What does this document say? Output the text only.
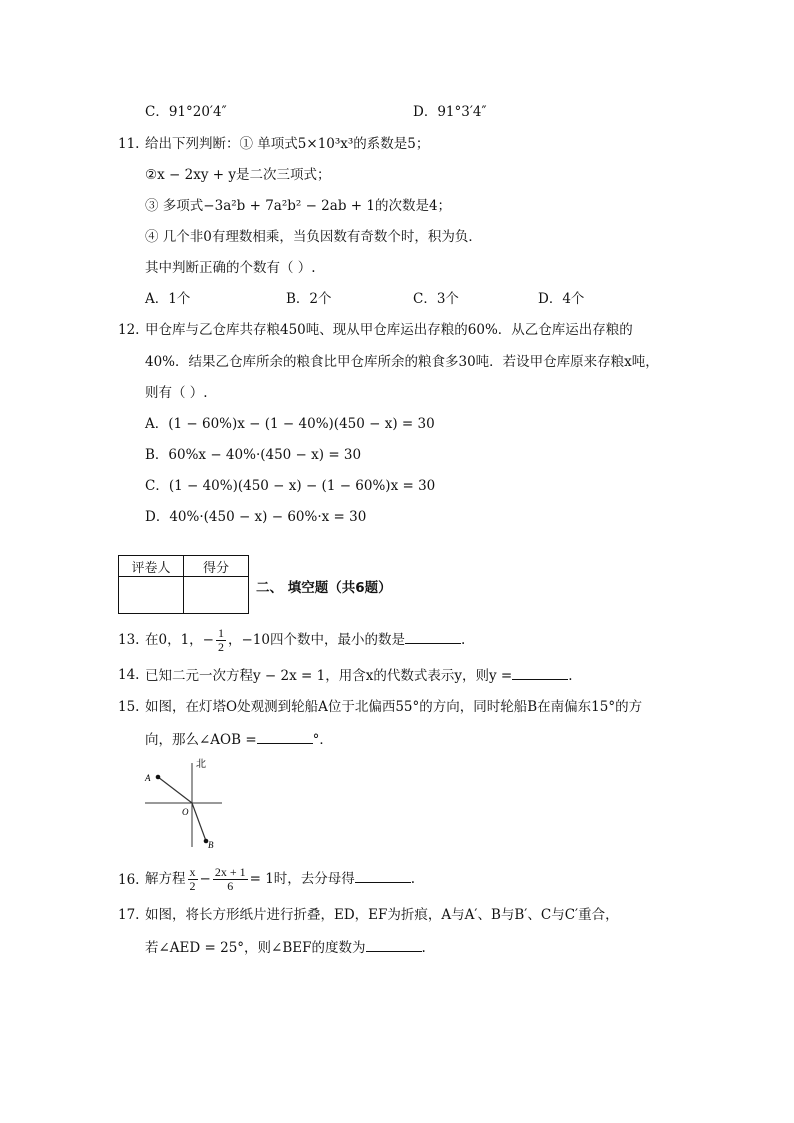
C．91°20′4″	D．91°3′4″
11. 给出下列判断：① 单项式5×10³x³的系数是5；
②x − 2xy + y是二次三项式；
③ 多项式−3a²b + 7a²b² − 2ab + 1的次数是4；
④ 几个非0有理数相乘，当负因数有奇数个时，积为负．
其中判断正确的个数有（ ）.
A．1个	B．2个	C．3个	D．4个
12. 甲仓库与乙仓库共存粮450吨、现从甲仓库运出存粮的60%．从乙仓库运出存粮的
40%．结果乙仓库所余的粮食比甲仓库所余的粮食多30吨．若设甲仓库原来存粮x吨，
则有（ ）.
A．(1 − 60%)x − (1 − 40%)(450 − x) = 30
B．60%x − 40%·(450 − x) = 30
C．(1 − 40%)(450 − x) − (1 − 60%)x = 30
D．40%·(450 − x) − 60%·x = 30
评卷人	得分

二、 填空题（共6题）
13. 在0，1，− $\frac{1}{2}$ ，−10四个数中，最小的数是	.
14. 已知二元一次方程y − 2x = 1，用含x的代数式表示y，则y =	.
15. 如图，在灯塔O处观测到轮船A位于北偏西55°的方向，同时轮船B在南偏东15°的方
向，那么∠AOB =	°．
北
A
O
B
16. 解方程 $\frac{x}{2} - \frac{2x + 1}{6} = 1$时，去分母得	.
17. 如图，将长方形纸片进行折叠，ED，EF为折痕，A与A′、B与B′、C与C′重合，
若∠AED = 25°，则∠BEF的度数为	.
